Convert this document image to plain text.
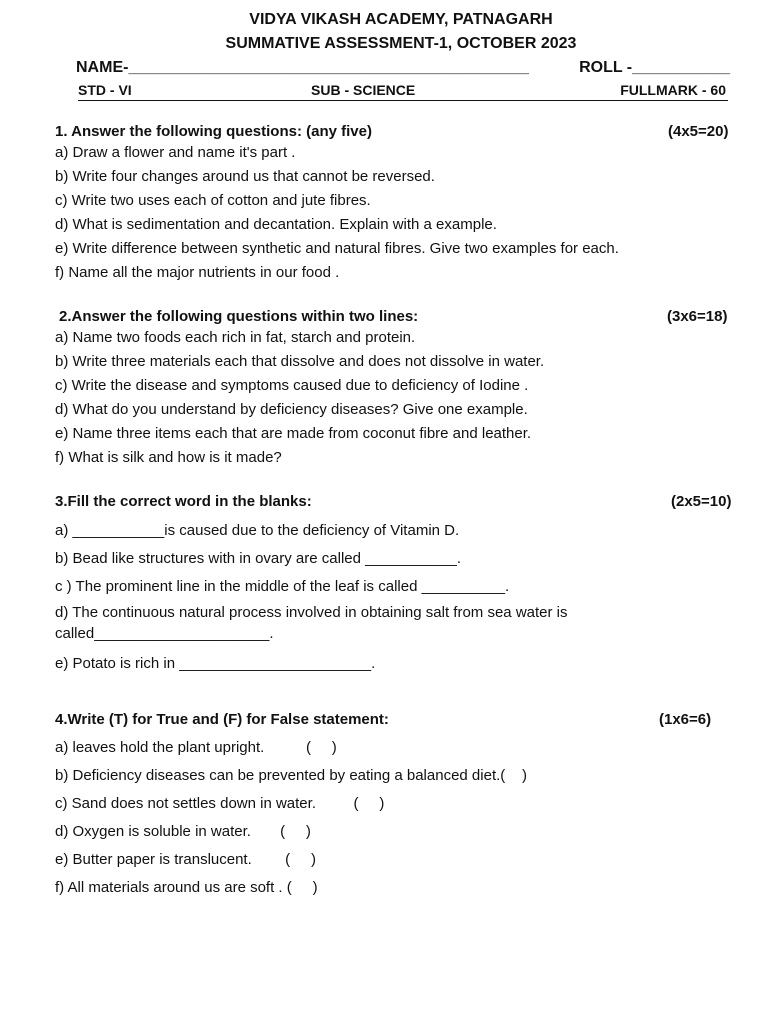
VIDYA VIKASH ACADEMY, PATNAGARH
SUMMATIVE ASSESSMENT-1, OCTOBER 2023
NAME-_____________________________________________	ROLL -___________
STD - VI	SUB - SCIENCE	FULLMARK - 60
1. Answer the following questions: (any five)	(4x5=20)
a) Draw a flower and name it's part .
b) Write four changes around us that cannot be reversed.
c) Write two uses each of cotton and jute fibres.
d) What is sedimentation and decantation. Explain with a example.
e) Write difference between synthetic and natural fibres. Give two examples for each.
f) Name all the major nutrients in our food .
2.Answer the following questions within two lines:	(3x6=18)
a) Name two foods each rich in fat, starch and protein.
b) Write three materials each that dissolve and does not dissolve in water.
c) Write the disease and symptoms caused due to deficiency of Iodine .
d) What do you understand by deficiency diseases? Give one example.
e) Name three items each that are made from coconut fibre and leather.
f) What is silk and how is it made?
3.Fill the correct word in the blanks:	(2x5=10)
a) ___________is caused due to the deficiency of Vitamin D.
b) Bead like structures with in ovary are called ___________.
c ) The prominent line in the middle of the leaf is called __________.
d) The continuous natural process involved in obtaining salt from sea water is called_____________________.
e) Potato is rich in _______________________.
4.Write (T) for True and (F) for False statement:	(1x6=6)
a) leaves hold the plant upright.          (     )
b) Deficiency diseases can be prevented by eating a balanced diet.(    )
c) Sand does not settles down in water.         (     )
d) Oxygen is soluble in water.       (     )
e) Butter paper is translucent.        (     )
f) All materials around us are soft . (     )
